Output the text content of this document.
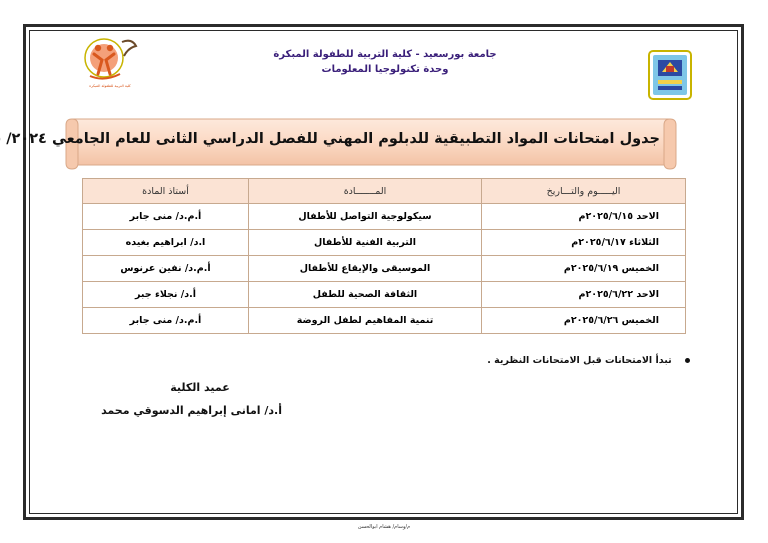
كلية التربية للطفولة المبكرة
جامعة بورسعيد - كلية التربية للطفولة المبكرة
وحدة تكنولوجيا المعلومات
جدول امتحانات المواد التطبيقية للدبلوم المهني للفصل الدراسي الثانى للعام الجامعي ٢٠٢٤/
اليـــــوم والتـــاريخ	المـــــــادة	أستاذ المادة
الاحد ٢٠٢٥/٦/١٥م	سيكولوجية التواصل للأطفال	أ.م.د/ منى جابر
الثلاثاء ٢٠٢٥/٦/١٧م	التربية الفنية للأطفال	ا.د/ ابراهيم بغيده
الخميس ٢٠٢٥/٦/١٩م	الموسيقى والإيقاع للأطفال	أ.م.د/ نفين عرنوس
الاحد ٢٠٢٥/٦/٢٢م	الثقافة الصحية للطفل	أ.د/ نجلاء جبر
الخميس ٢٠٢٥/٦/٢٦م	تنمية المفاهيم لطفل الروضة	أ.م.د/ منى جابر
تبدأ الامتحانات قبل الامتحانات النظرية .
عميد الكلية
أ.د/ امانى إبراهيم الدسوقي محمد
م/وسام/ هشام ابوالحسن
